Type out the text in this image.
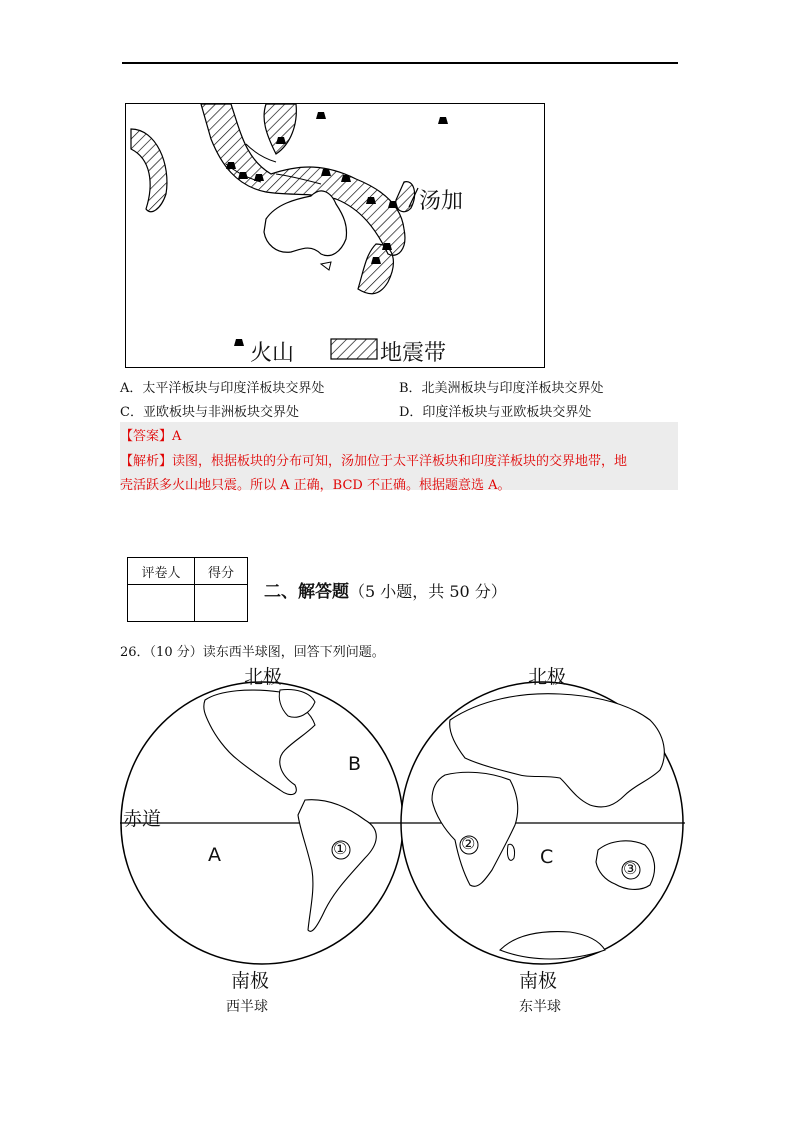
汤加
火山	地震带
A．太平洋板块与印度洋板块交界处	B．北美洲板块与印度洋板块交界处
C．亚欧板块与非洲板块交界处	D．印度洋板块与亚欧板块交界处
【答案】A
【解析】读图，根据板块的分布可知，汤加位于太平洋板块和印度洋板块的交界地带，地
壳活跃多火山地只震。所以 A 正确，BCD 不正确。根据题意选 A。
评卷人	得分

二、解答题（5 小题，共 50 分）
26．（10 分）读东西半球图，回答下列问题。
北极	北极
赤道
B
A	C
①	②
③
南极	南极
西半球	东半球
